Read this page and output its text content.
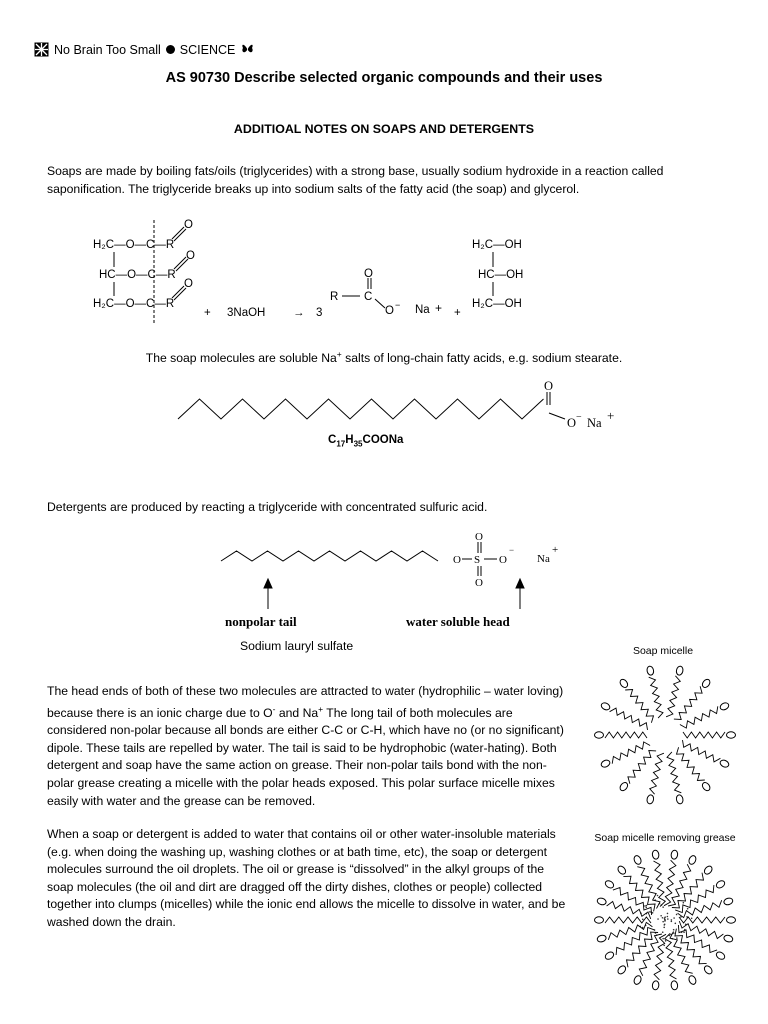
No Brain Too Small SCIENCE
AS 90730 Describe selected organic compounds and their uses
ADDITIOAL NOTES ON SOAPS AND DETERGENTS
Soaps are made by boiling fats/oils (triglycerides) with a strong base, usually sodium hydroxide in a reaction called saponification. The triglyceride breaks up into sodium salts of the fatty acid (the soap) and glycerol.
H₂C—O—C—R
HC—O—C—R
H₂C—O—C—R
O
O
O
+ 3NaOH → 3
R C
O
O − Na + +
H₂C—OH
HC—OH
H₂C—OH
The soap molecules are soluble Na+ salts of long-chain fatty acids, e.g. sodium stearate.
O
O − Na +
$C_{17}H_{35}COONa$
Detergents are produced by reacting a triglyceride with concentrated sulfuric acid.
O S
O
O
O
−
Na
+
nonpolar tail	water soluble head
Sodium lauryl sulfate	Soap micelle
Soap micelle removing grease
The head ends of both of these two molecules are attracted to water (hydrophilic – water loving) because there is an ionic charge due to O- and Na+ The long tail of both molecules are considered non-polar because all bonds are either C-C or C-H, which have no (or no significant) dipole. These tails are repelled by water. The tail is said to be hydrophobic (water-hating). Both detergent and soap have the same action on grease. Their non-polar tails bond with the non-polar grease creating a micelle with the polar heads exposed. This polar surface micelle mixes easily with water and the grease can be removed.
When a soap or detergent is added to water that contains oil or other water-insoluble materials (e.g. when doing the washing up, washing clothes or at bath time, etc), the soap or detergent molecules surround the oil droplets. The oil or grease is “dissolved” in the alkyl groups of the soap molecules (the oil and dirt are dragged off the dirty dishes, clothes or people) collected together into clumps (micelles) while the ionic end allows the micelle to dissolve in water, and be washed down the drain.
